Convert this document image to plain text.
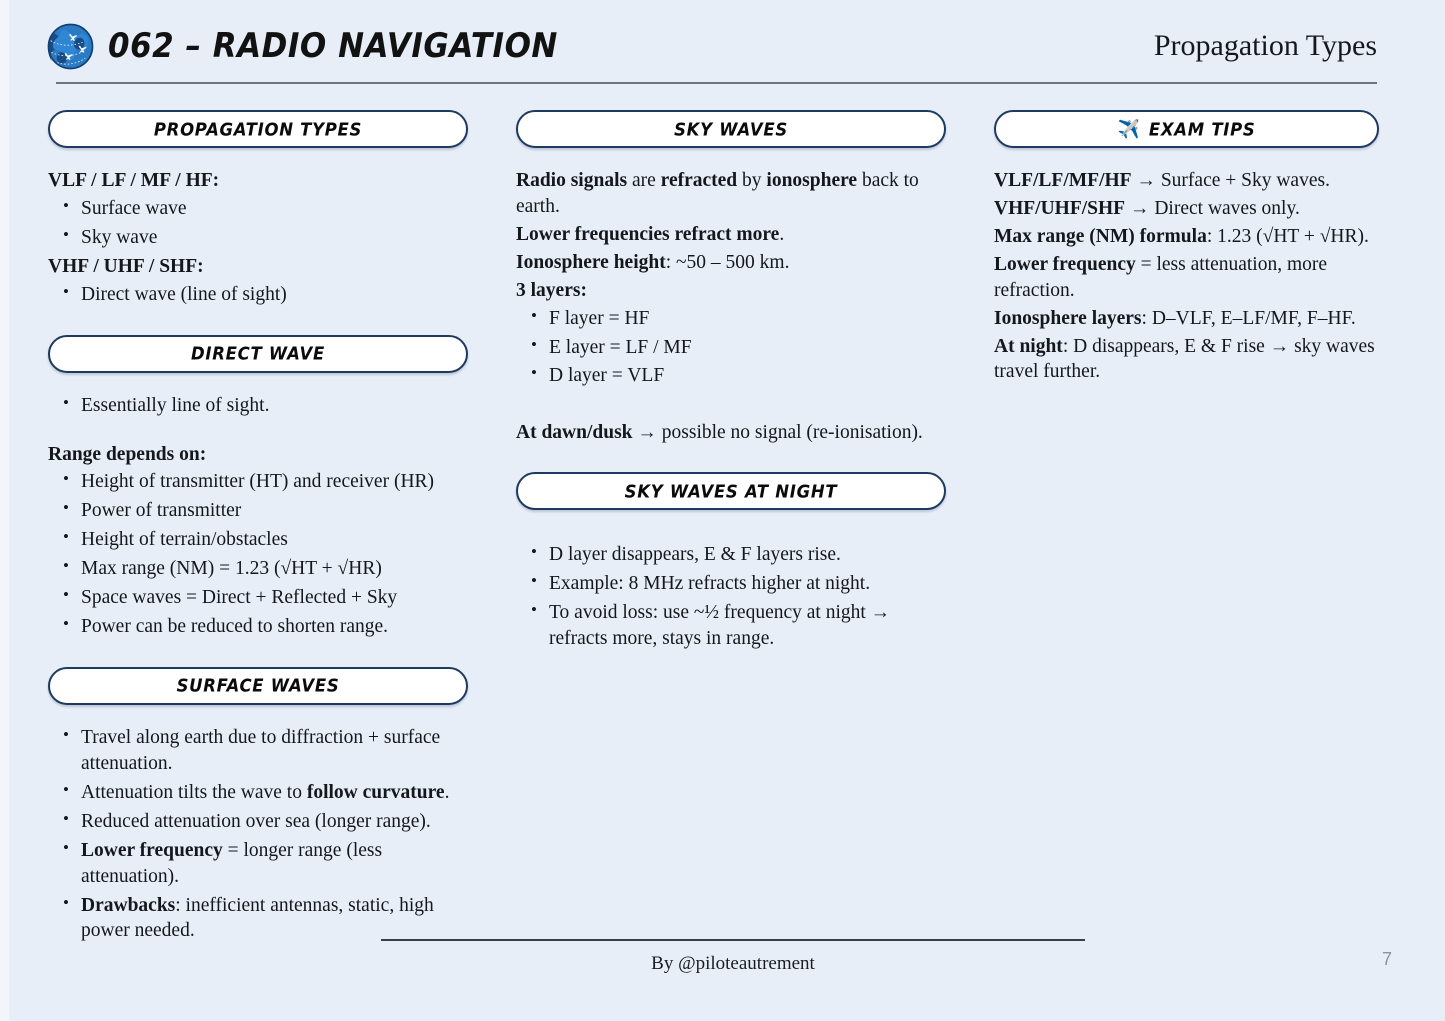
062 – RADIO NAVIGATION	Propagation Types
PROPAGATION TYPES
VLF / LF / MF / HF:
• Surface wave
• Sky wave
VHF / UHF / SHF:
• Direct wave (line of sight)
DIRECT WAVE
• Essentially line of sight.
Range depends on:
• Height of transmitter (HT) and receiver (HR)
• Power of transmitter
• Height of terrain/obstacles
• Max range (NM) = 1.23 (√HT + √HR)
• Space waves = Direct + Reflected + Sky
• Power can be reduced to shorten range.
SURFACE WAVES
• Travel along earth due to diffraction + surface attenuation.
• Attenuation tilts the wave to follow curvature.
• Reduced attenuation over sea (longer range).
• Lower frequency = longer range (less attenuation).
• Drawbacks: inefficient antennas, static, high power needed.
SKY WAVES
Radio signals are refracted by ionosphere back to earth.
Lower frequencies refract more.
Ionosphere height: ~50 – 500 km.
3 layers:
• F layer = HF
• E layer = LF / MF
• D layer = VLF
At dawn/dusk → possible no signal (re-ionisation).
SKY WAVES AT NIGHT
• D layer disappears, E & F layers rise.
• Example: 8 MHz refracts higher at night.
• To avoid loss: use ~½ frequency at night → refracts more, stays in range.
✈️ EXAM TIPS
VLF/LF/MF/HF → Surface + Sky waves.
VHF/UHF/SHF → Direct waves only.
Max range (NM) formula: 1.23 (√HT + √HR).
Lower frequency = less attenuation, more refraction.
Ionosphere layers: D–VLF, E–LF/MF, F–HF.
At night: D disappears, E & F rise → sky waves travel further.
By @piloteautrement	7
